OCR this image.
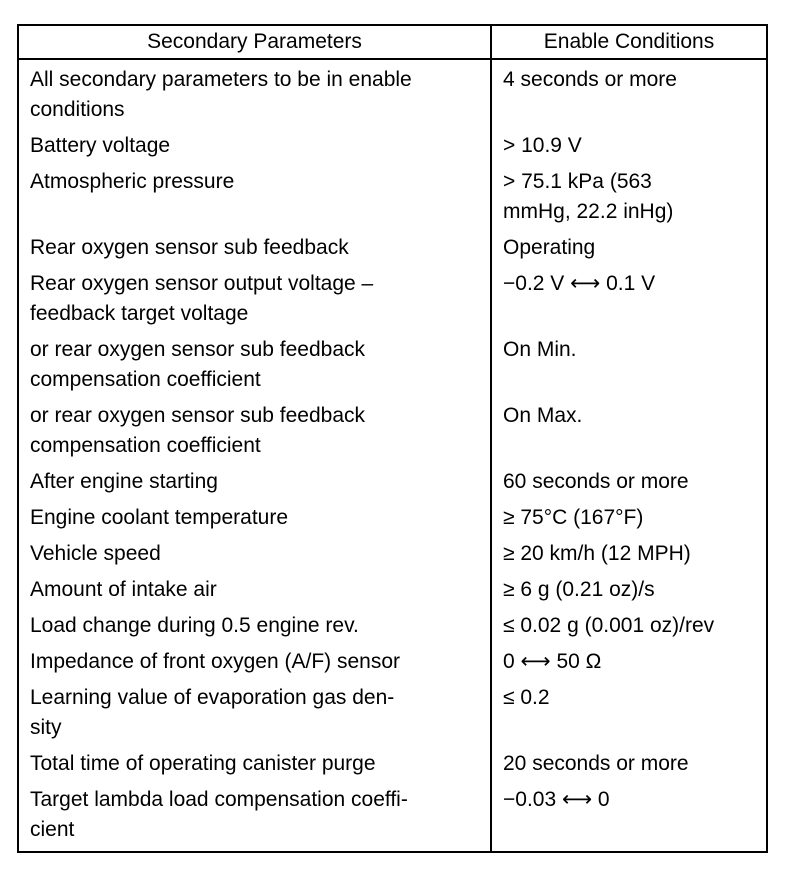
Secondary Parameters	Enable Conditions
All secondary parameters to be in enable
conditions	4 seconds or more
Battery voltage	> 10.9 V
Atmospheric pressure	> 75.1 kPa (563
mmHg, 22.2 inHg)
Rear oxygen sensor sub feedback	Operating
Rear oxygen sensor output voltage –
feedback target voltage	−0.2 V ⟷ 0.1 V
or rear oxygen sensor sub feedback
compensation coefficient	On Min.
or rear oxygen sensor sub feedback
compensation coefficient	On Max.
After engine starting	60 seconds or more
Engine coolant temperature	≥ 75°C (167°F)
Vehicle speed	≥ 20 km/h (12 MPH)
Amount of intake air	≥ 6 g (0.21 oz)/s
Load change during 0.5 engine rev.	≤ 0.02 g (0.001 oz)/rev
Impedance of front oxygen (A/F) sensor	0 ⟷ 50 Ω
Learning value of evaporation gas den-
sity	≤ 0.2
Total time of operating canister purge	20 seconds or more
Target lambda load compensation coeffi-
cient	−0.03 ⟷ 0
